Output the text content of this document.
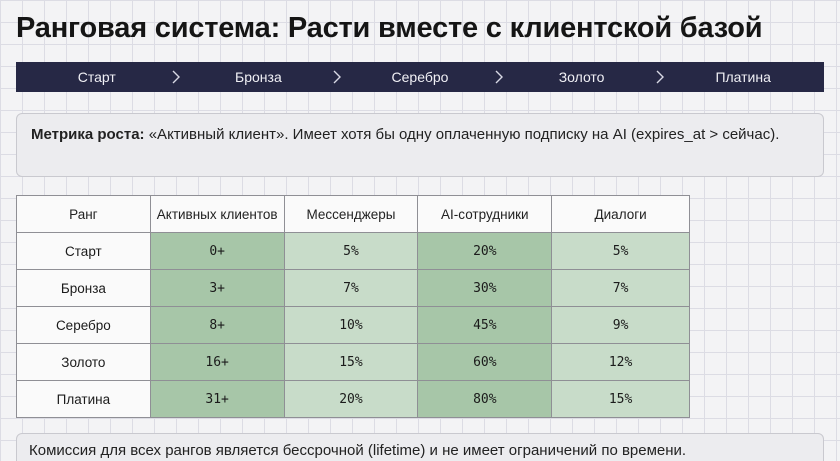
Ранговая система: Расти вместе с клиентской базой
Старт	Бронза	Серебро	Золото	Платина
Метрика роста: «Активный клиент». Имеет хотя бы одну оплаченную подписку на AI (expires_at > сейчас).
Ранг	Активных клиентов	Мессенджеры	AI-сотрудники	Диалоги
Старт	0+	5%	20%	5%
Бронза	3+	7%	30%	7%
Серебро	8+	10%	45%	9%
Золото	16+	15%	60%	12%
Платина	31+	20%	80%	15%
Комиссия для всех рангов является бессрочной (lifetime) и не имеет ограничений по времени.
